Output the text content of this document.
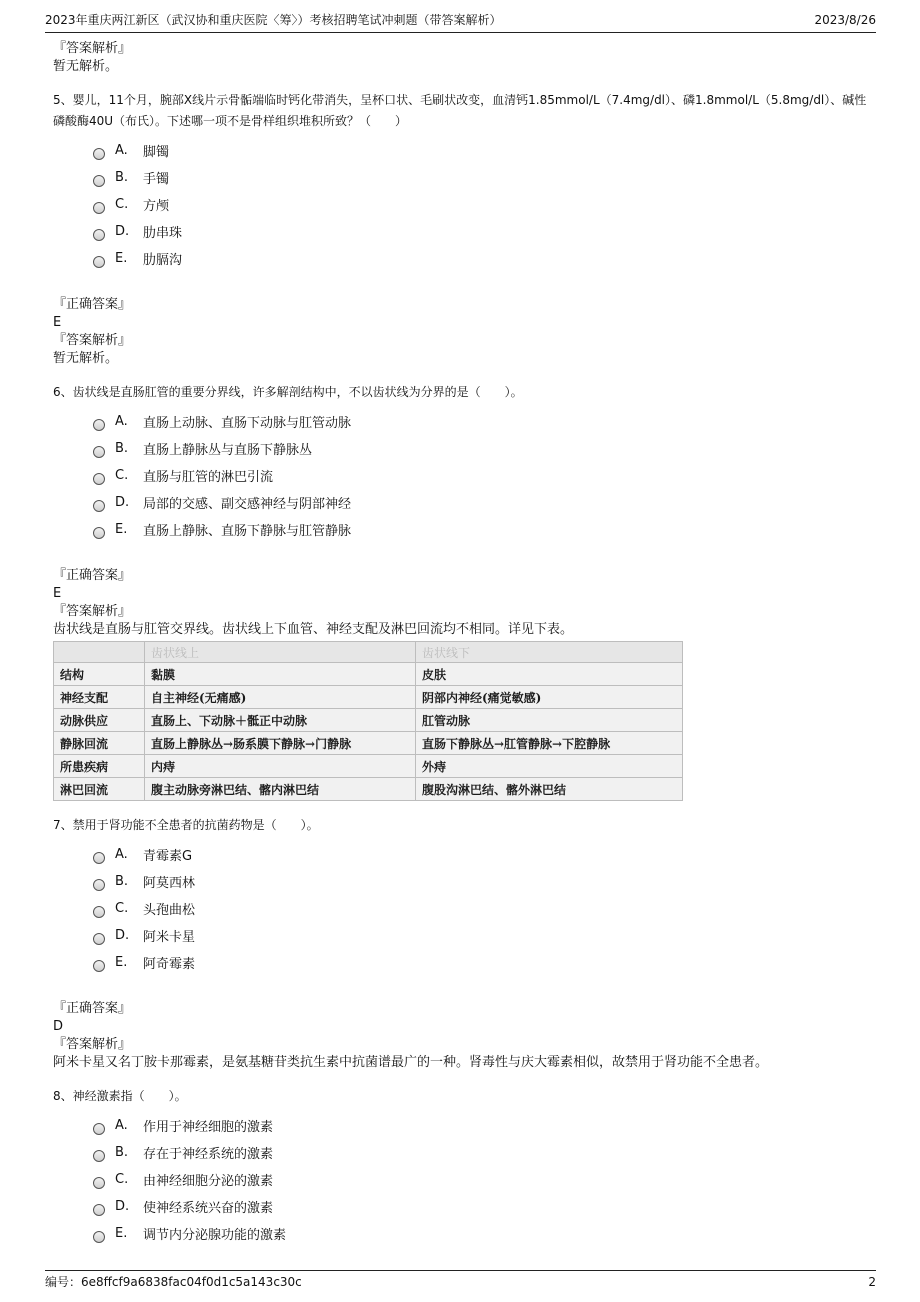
2023年重庆两江新区（武汉协和重庆医院〈筹〉）考核招聘笔试冲刺题（带答案解析）	2023/8/26
『答案解析』
暂无解析。
5、婴儿，11个月，腕部X线片示骨骺端临时钙化带消失，呈杯口状、毛刷状改变，血清钙1.85mmol/L（7.4mg/dl）、磷1.8mmol/L（5.8mg/dl）、碱性磷酸酶40U（布氏）。下述哪一项不是骨样组织堆积所致？（　　）
A.	脚镯
B.	手镯
C.	方颅
D.	肋串珠
E.	肋膈沟
『正确答案』
E
『答案解析』
暂无解析。
6、齿状线是直肠肛管的重要分界线，许多解剖结构中，不以齿状线为分界的是（　　）。
A.	直肠上动脉、直肠下动脉与肛管动脉
B.	直肠上静脉丛与直肠下静脉丛
C.	直肠与肛管的淋巴引流
D.	局部的交感、副交感神经与阴部神经
E.	直肠上静脉、直肠下静脉与肛管静脉
『正确答案』
E
『答案解析』
齿状线是直肠与肛管交界线。齿状线上下血管、神经支配及淋巴回流均不相同。详见下表。
	齿状线上	齿状线下
结构	黏膜	皮肤
神经支配	自主神经(无痛感)	阴部内神经(痛觉敏感)
动脉供应	直肠上、下动脉＋骶正中动脉	肛管动脉
静脉回流	直肠上静脉丛→肠系膜下静脉→门静脉	直肠下静脉丛→肛管静脉→下腔静脉
所患疾病	内痔	外痔
淋巴回流	腹主动脉旁淋巴结、髂内淋巴结	腹股沟淋巴结、髂外淋巴结
7、禁用于肾功能不全患者的抗菌药物是（　　）。
A.	青霉素G
B.	阿莫西林
C.	头孢曲松
D.	阿米卡星
E.	阿奇霉素
『正确答案』
D
『答案解析』
阿米卡星又名丁胺卡那霉素，是氨基糖苷类抗生素中抗菌谱最广的一种。肾毒性与庆大霉素相似，故禁用于肾功能不全患者。
8、神经激素指（　　）。
A.	作用于神经细胞的激素
B.	存在于神经系统的激素
C.	由神经细胞分泌的激素
D.	使神经系统兴奋的激素
E.	调节内分泌腺功能的激素
编号：6e8ffcf9a6838fac04f0d1c5a143c30c	2
